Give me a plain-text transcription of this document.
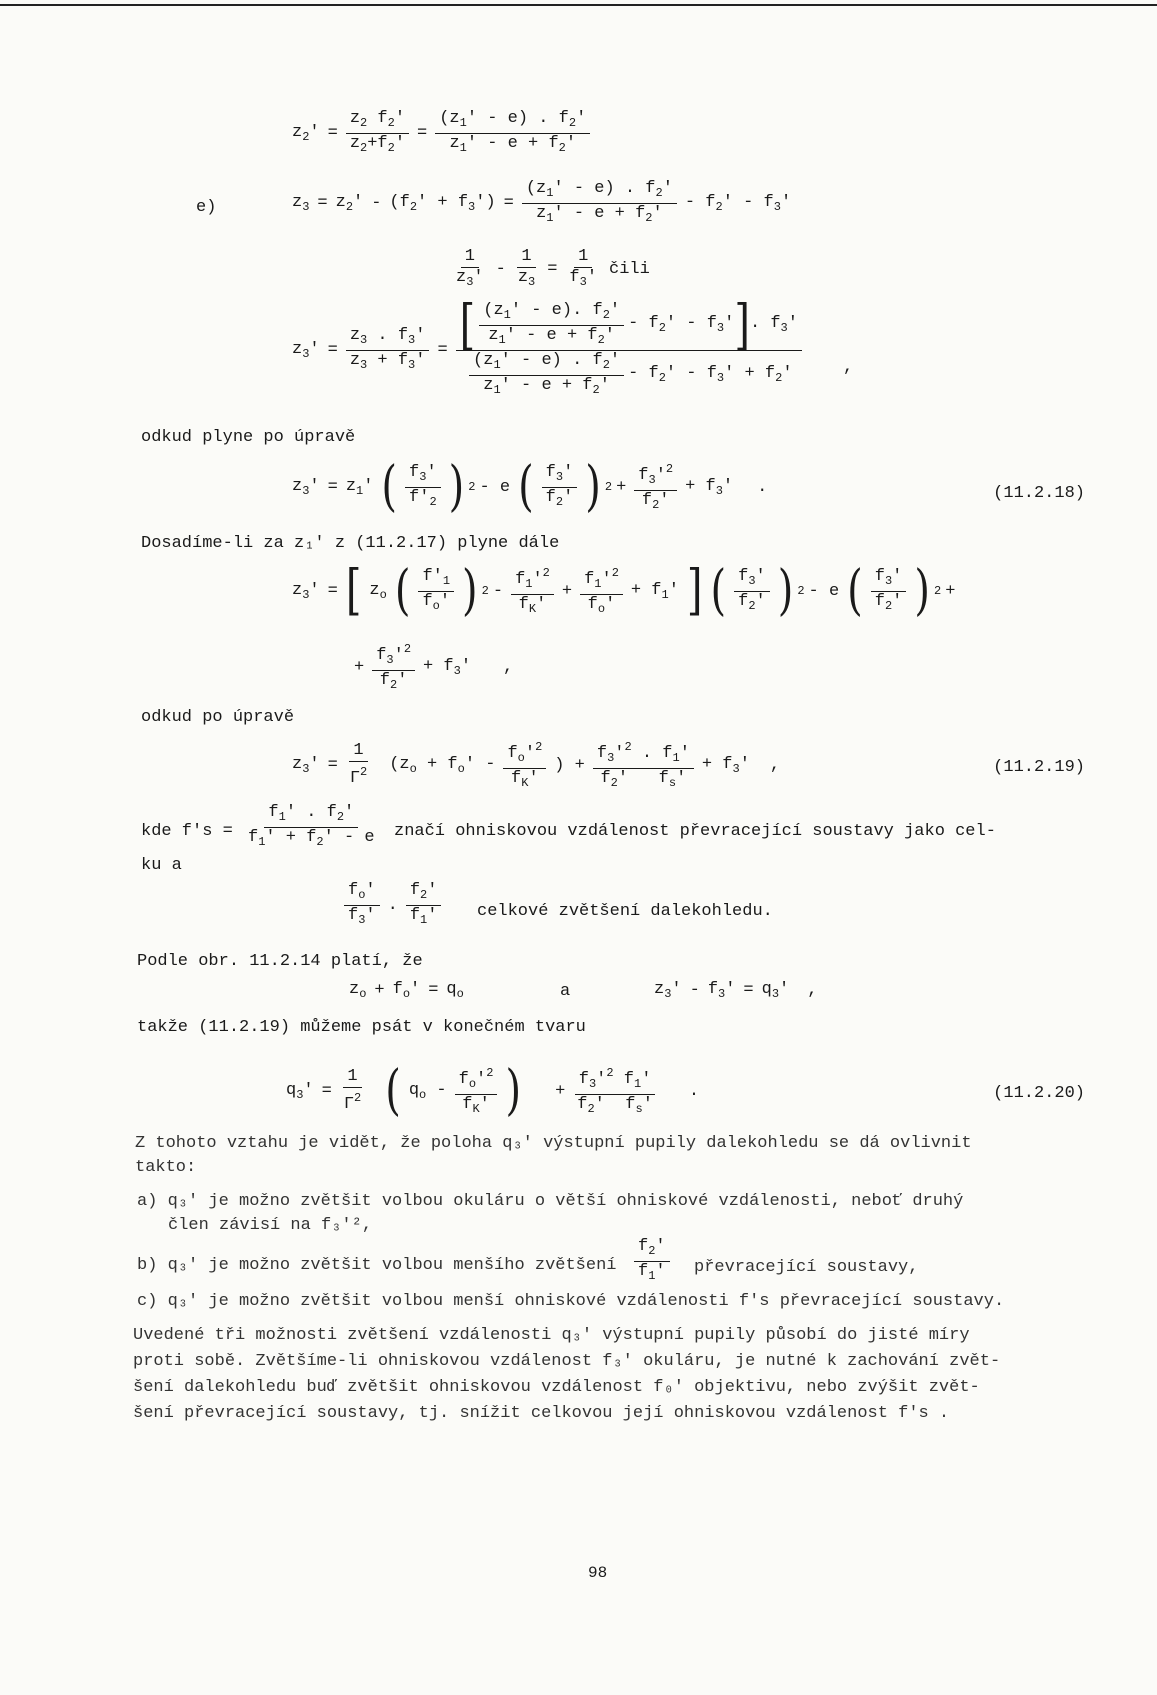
$z_2' = \frac{z_2 f_2'}{z_2+f_2'} = \frac{(z_1' - e) . f_2'}{z_1' - e + f_2'}$
e)	$z_3 = z_2' - (f_2' + f_3') = \frac{(z_1' - e) . f_2'}{z_1' - e + f_2'} - f_2' - f_3'$
$\frac{1}{z_3'} - \frac{1}{z_3} = \frac{1}{f_3'}$ čili
$z_3' = \frac{z_3 . f_3'}{z_3 + f_3'} = \frac{[ \frac{(z_1' - e). f_2'}{z_1' - e + f_2'} - f_2' - f_3' ] . f_3'}{\frac{(z_1' - e) . f_2'}{z_1' - e + f_2'} - f_2' - f_3' + f_2'}$ ,
odkud plyne po úpravě
$z_3' = z_1'$ ( $\frac{f_3'}{f'_2}$ ) 2 - e ( $\frac{f_3'}{f_2'}$ ) $2 + \frac{f_3'^2}{f_2'} + f_3'$ .	(11.2.18)
Dosadíme-li za z₁' z (11.2.17) plyne dále
$z_3'$ = [ $z_o$ ( $\frac{f'_1}{f_o'}$ ) $2 - \frac{f_1'^2}{f_K'} + \frac{f_1'^2}{f_o'} + f_1'$ ] ( $\frac{f_3'}{f_2'}$ ) 2 - e ( $\frac{f_3'}{f_2'}$ ) 2 +
+ $\frac{f_3'^2}{f_2'} + f_3'$ ,
odkud po úpravě
$z_3' = \frac{1}{\Gamma^2} (z_o + f_o' - \frac{f_o'^2}{f_K'}$ ) + $\frac{f_3'^2 . f_1'}{f_2' f_s'} + f_3'$ ,	(11.2.19)
kde $f's = \frac{f_1' . f_2'}{f_1' + f_2' - e}$ značí ohniskovou vzdálenost převracející soustavy jako cel-
ku a
$\frac{f_o'}{f_3'}$ . $\frac{f_2'}{f_1'}$ celkové zvětšení dalekohledu.
Podle obr. 11.2.14 platí, že
$z_o + f_o' = q_o$	a	$z_3' - f_3' = q_3'$ ,
takže (11.2.19) můžeme psát v konečném tvaru
$q_3' = \frac{1}{\Gamma^2}$ ( $q_o - \frac{f_o'^2}{f_K'}$ ) + $\frac{f_3'^2 f_1'}{f_2' f_s'}$ .	(11.2.20)
Z tohoto vztahu je vidět, že poloha q₃' výstupní pupily dalekohledu se dá ovlivnit
takto:
a) q₃' je možno zvětšit volbou okuláru o větší ohniskové vzdálenosti, neboť druhý
člen závisí na f₃'²,
b) q₃' je možno zvětšit volbou menšího zvětšení $\frac{f_2'}{f_1'}$ převracející soustavy,
c) q₃' je možno zvětšit volbou menší ohniskové vzdálenosti f's převracející soustavy.
Uvedené tři možnosti zvětšení vzdálenosti q₃' výstupní pupily působí do jisté míry
proti sobě. Zvětšíme-li ohniskovou vzdálenost f₃' okuláru, je nutné k zachování zvět-
šení dalekohledu buď zvětšit ohniskovou vzdálenost f₀' objektivu, nebo zvýšit zvět-
šení převracející soustavy, tj. snížit celkovou její ohniskovou vzdálenost f's .
98
